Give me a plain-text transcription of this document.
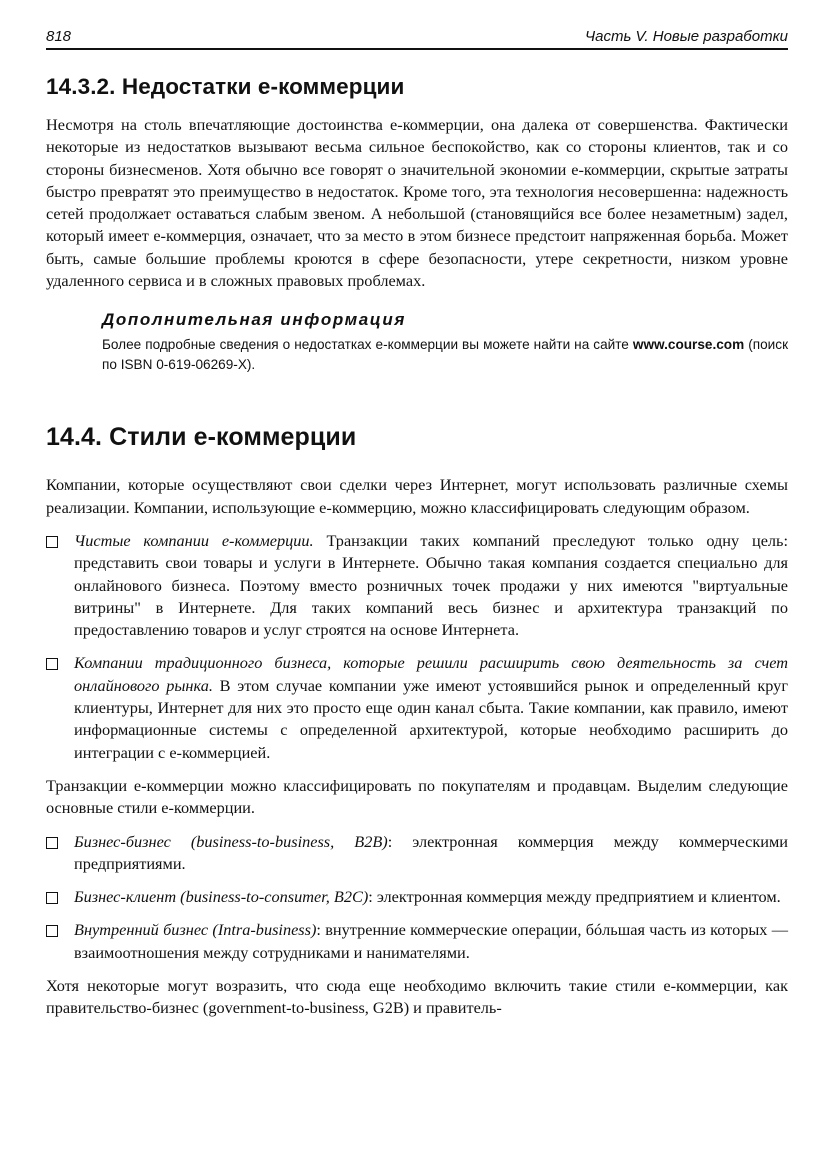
818	Часть V. Новые разработки
14.3.2. Недостатки е-коммерции

Несмотря на столь впечатляющие достоинства е-коммерции, она далека от совершенства. Фактически некоторые из недостатков вызывают весьма сильное беспокойство, как со стороны клиентов, так и со стороны бизнесменов. Хотя обычно все говорят о значительной экономии е-коммерции, скрытые затраты быстро превратят это преимущество в недостаток. Кроме того, эта технология несовершенна: надежность сетей продолжает оставаться слабым звеном. А небольшой (становящийся все более незаметным) задел, который имеет е-коммерция, означает, что за место в этом бизнесе предстоит напряженная борьба. Может быть, самые большие проблемы кроются в сфере безопасности, утере секретности, низком уровне удаленного сервиса и в сложных правовых проблемах.

Дополнительная информация

Более подробные сведения о недостатках е-коммерции вы можете найти на сайте www.course.com (поиск по ISBN 0-619-06269-X).

14.4. Стили е-коммерции

Компании, которые осуществляют свои сделки через Интернет, могут использовать различные схемы реализации. Компании, использующие е-коммерцию, можно классифицировать следующим образом.

Чистые компании е-коммерции. Транзакции таких компаний преследуют только одну цель: представить свои товары и услуги в Интернете. Обычно такая компания создается специально для онлайнового бизнеса. Поэтому вместо розничных точек продажи у них имеются "виртуальные витрины" в Интернете. Для таких компаний весь бизнес и архитектура транзакций по предоставлению товаров и услуг строятся на основе Интернета.
Компании традиционного бизнеса, которые решили расширить свою деятельность за счет онлайнового рынка. В этом случае компании уже имеют устоявшийся рынок и определенный круг клиентуры, Интернет для них это просто еще один канал сбыта. Такие компании, как правило, имеют информационные системы с определенной архитектурой, которые необходимо расширить до интеграции с е-коммерцией.

Транзакции е-коммерции можно классифицировать по покупателям и продавцам. Выделим следующие основные стили е-коммерции.

Бизнес-бизнес (business-to-business, B2B): электронная коммерция между коммерческими предприятиями.
Бизнес-клиент (business-to-consumer, B2C): электронная коммерция между предприятием и клиентом.
Внутренний бизнес (Intra-business): внутренние коммерческие операции, бóльшая часть из которых — взаимоотношения между сотрудниками и нанимателями.

Хотя некоторые могут возразить, что сюда еще необходимо включить такие стили е-коммерции, как правительство-бизнес (government-to-business, G2B) и правитель-
